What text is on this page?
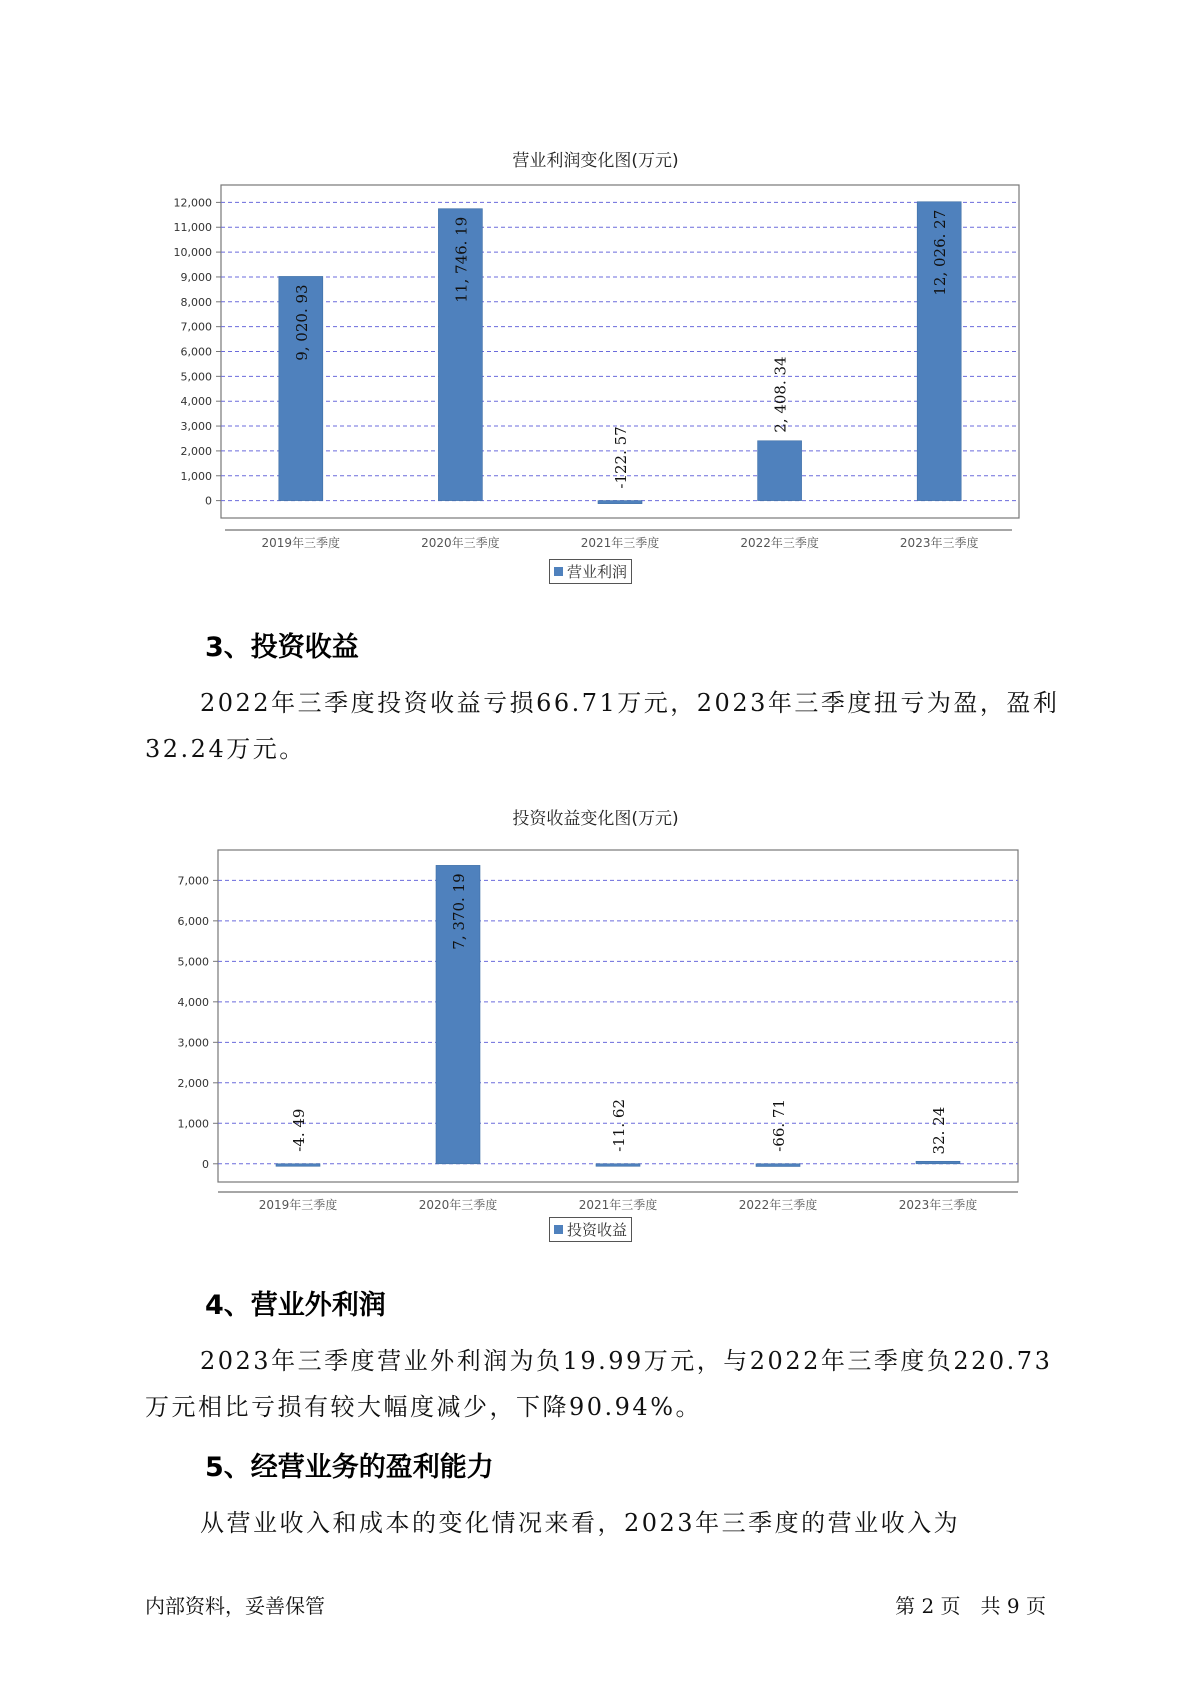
营业利润变化图(万元)
0
1,000
2,000
3,000
4,000
5,000
6,000
7,000
8,000
9,000
10,000
11,000
12,000
9, 020. 93
2019年三季度
11, 746. 19
2020年三季度
-122. 57
2021年三季度
2, 408. 34
2022年三季度
12, 026. 27
2023年三季度
营业利润
3、投资收益

2022年三季度投资收益亏损66.71万元，2023年三季度扭亏为盈，盈利32.24万元。

投资收益变化图(万元)
0
1,000
2,000
3,000
4,000
5,000
6,000
7,000
-4. 49
2019年三季度
7, 370. 19
2020年三季度
-11. 62
2021年三季度
-66. 71
2022年三季度
32. 24
2023年三季度
投资收益
4、营业外利润

2023年三季度营业外利润为负19.99万元，与2022年三季度负220.73万元相比亏损有较大幅度减少，下降90.94%。

5、经营业务的盈利能力

从营业收入和成本的变化情况来看，2023年三季度的营业收入为

内部资料，妥善保管	第 2 页　共 9 页
